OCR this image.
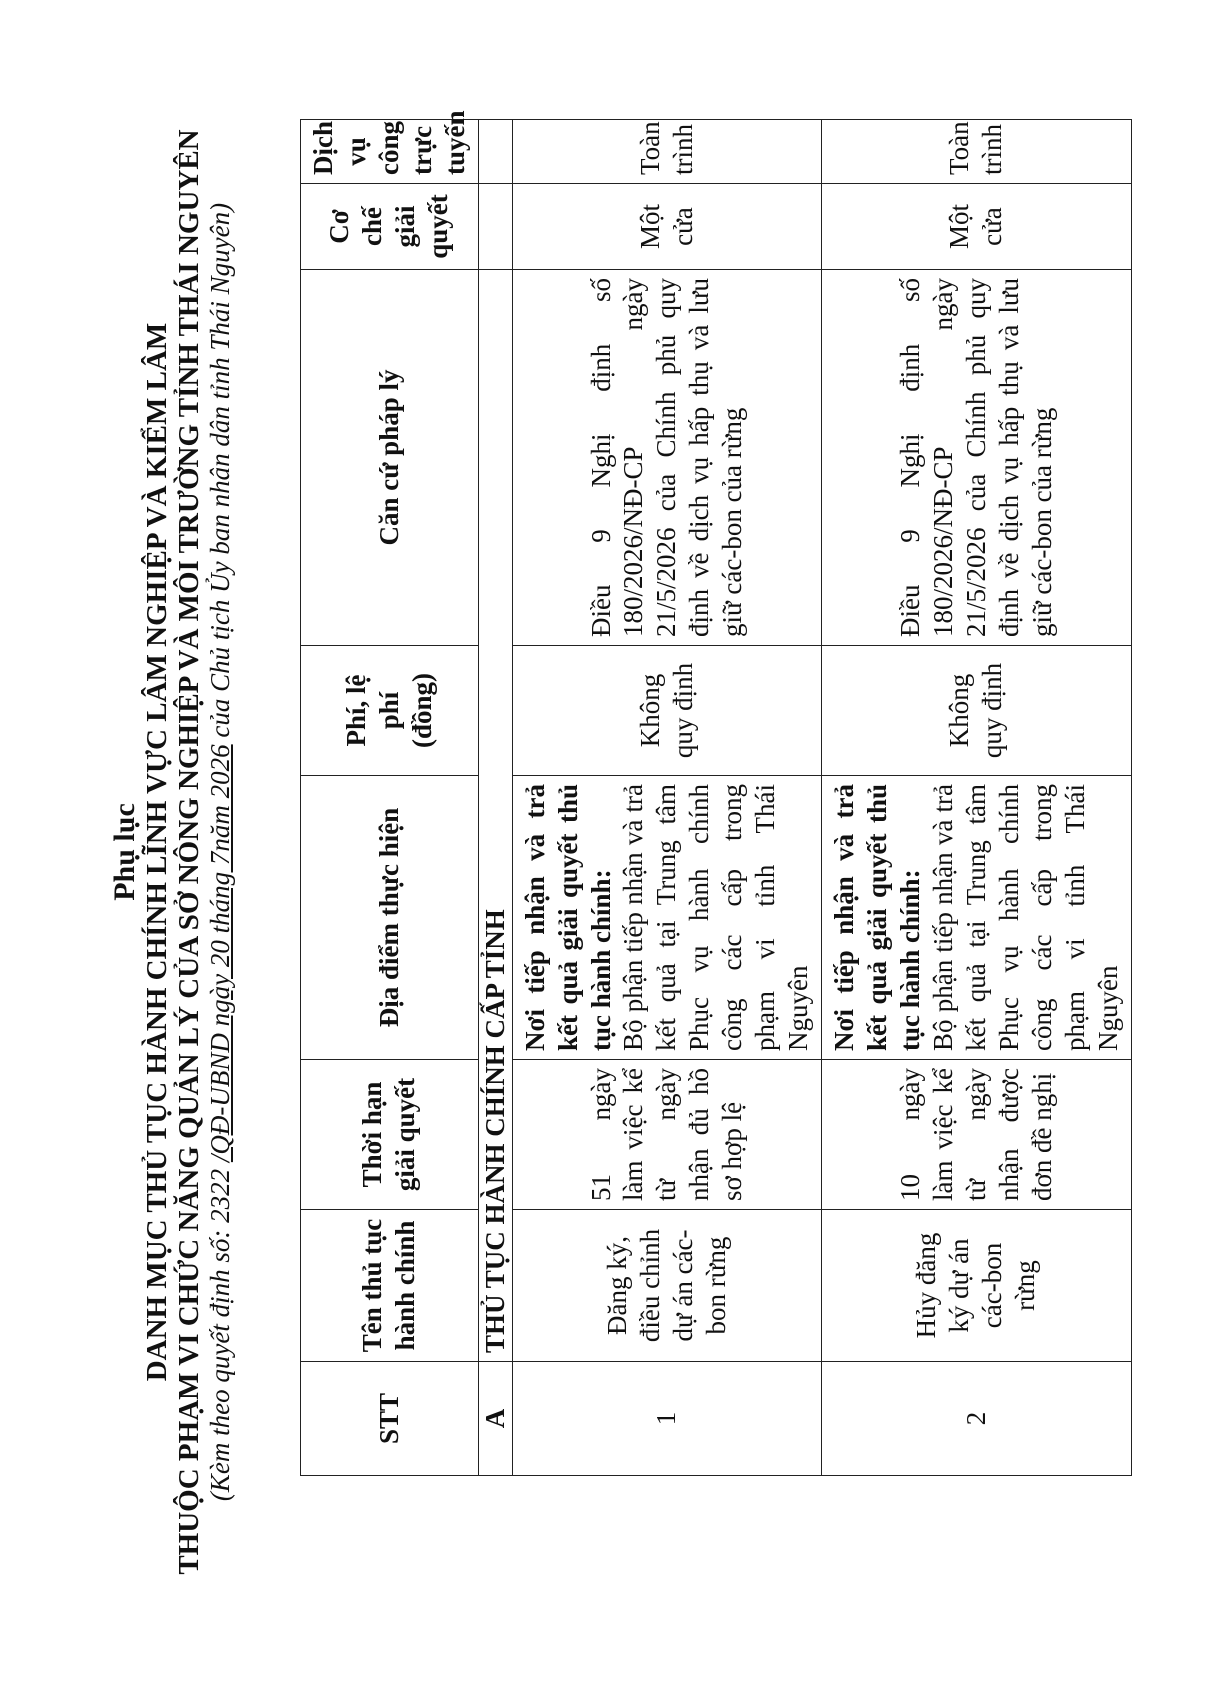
Phụ lục DANH MỤC THỦ TỤC HÀNH CHÍNH LĨNH VỰC LÂM NGHIỆP VÀ KIỂM LÂM THUỘC PHẠM VI CHỨC NĂNG QUẢN LÝ CỦA SỞ NÔNG NGHIỆP VÀ MÔI TRƯỜNG TỈNH THÁI NGUYÊN (Kèm theo quyết định số: 2322 /QĐ-UBND ngày 20 tháng 7năm 2026 của Chủ tịch Ủy ban nhân dân tỉnh Thái Nguyên)
STT	Tên thủ tục hành chính	Thời hạn giải quyết	Địa điểm thực hiện	Phí, lệ phí (đồng)	Căn cứ pháp lý	Cơ chế giải quyết	Dịch vụ công trực tuyến
A	THỦ TỤC HÀNH CHÍNH CẤP TỈNH						
1	Đăng ký, điều chỉnh dự án các-bon rừng	51 ngày làm việc kể từ ngày nhận đủ hồ sơ hợp lệ	Nơi tiếp nhận và trả kết quả giải quyết thủ tục hành chính: Bộ phận tiếp nhận và trả kết quả tại Trung tâm Phục vụ hành chính công các cấp trong phạm vi tỉnh Thái Nguyên	Không quy định	Điều 9 Nghị định số 180/2026/NĐ-CP ngày 21/5/2026 của Chính phủ quy định về dịch vụ hấp thụ và lưu giữ các-bon của rừng	Một cửa	Toàn trình
2	Hủy đăng ký dự án các-bon rừng	10 ngày làm việc kể từ ngày nhận được đơn đề nghị	Nơi tiếp nhận và trả kết quả giải quyết thủ tục hành chính: Bộ phận tiếp nhận và trả kết quả tại Trung tâm Phục vụ hành chính công các cấp trong phạm vi tỉnh Thái Nguyên	Không quy định	Điều 9 Nghị định số 180/2026/NĐ-CP ngày 21/5/2026 của Chính phủ quy định về dịch vụ hấp thụ và lưu giữ các-bon của rừng	Một cửa	Toàn trình
